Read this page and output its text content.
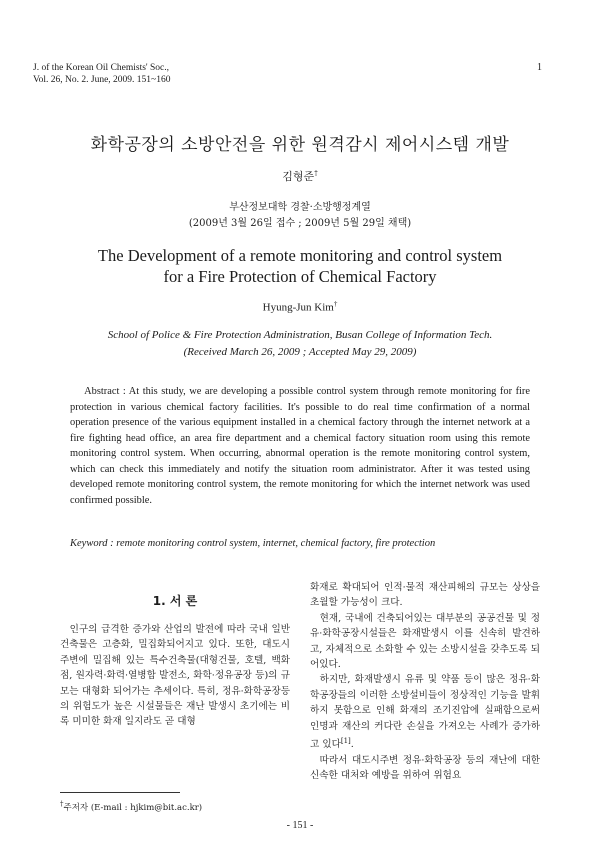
J. of the Korean Oil Chemists' Soc.,
Vol. 26, No. 2. June, 2009. 151~160
1
화학공장의 소방안전을 위한 원격감시 제어시스템 개발
김형준†
부산정보대학 경찰·소방행정계열
(2009년 3월 26일 접수 ; 2009년 5월 29일 채택)
The Development of a remote monitoring and control system
for a Fire Protection of Chemical Factory
Hyung-Jun Kim†
School of Police & Fire Protection Administration, Busan College of Information Tech.
(Received March 26, 2009 ; Accepted May 29, 2009)
Abstract : At this study, we are developing a possible control system through remote monitoring for fire protection in various chemical factory facilities. It's possible to do real time confirmation of a normal operation presence of the various equipment installed in a chemical factory through the internet network at a fire fighting head office, an area fire department and a chemical factory situation room using this remote monitoring control system. When occurring, abnormal operation is the remote monitoring control system, which can check this immediately and notify the situation room administrator. After it was tested using developed remote monitoring control system, the remote monitoring for which the internet network was used confirmed possible.
Keyword : remote monitoring control system, internet, chemical factory, fire protection
1. 서 론

인구의 급격한 증가와 산업의 발전에 따라 국내 일반 건축물은 고층화, 밀집화되어지고 있다. 또한, 대도시 주변에 밀집해 있는 특수건축물(대형건물, 호텔, 백화점, 원자력·화력·열병합 발전소, 화학·정유공장 등)의 규모는 대형화 되어가는 추세이다. 특히, 정유·화학공장등의 위험도가 높은 시설물들은 재난 발생시 초기에는 비록 미미한 화재 일지라도 곧 대형

화재로 확대되어 인적·물적 재산피해의 규모는 상상을 초월할 가능성이 크다.

현재, 국내에 건축되어있는 대부분의 공공건물 및 정유·화학공장시설들은 화재발생시 이를 신속히 발견하고, 자체적으로 소화할 수 있는 소방시설을 갖추도록 되어있다.

하지만, 화재발생시 유류 및 약품 등이 많은 정유·화학공장들의 이러한 소방설비들이 정상적인 기능을 발휘하지 못함으로 인해 화재의 조기진압에 실패함으로써 인명과 재산의 커다란 손실을 가져오는 사례가 증가하고 있다[1].

따라서 대도시주변 정유·화학공장 등의 재난에 대한 신속한 대처와 예방을 위하여 위험요

†주저자 (E-mail : hjkim@bit.ac.kr)
- 151 -
